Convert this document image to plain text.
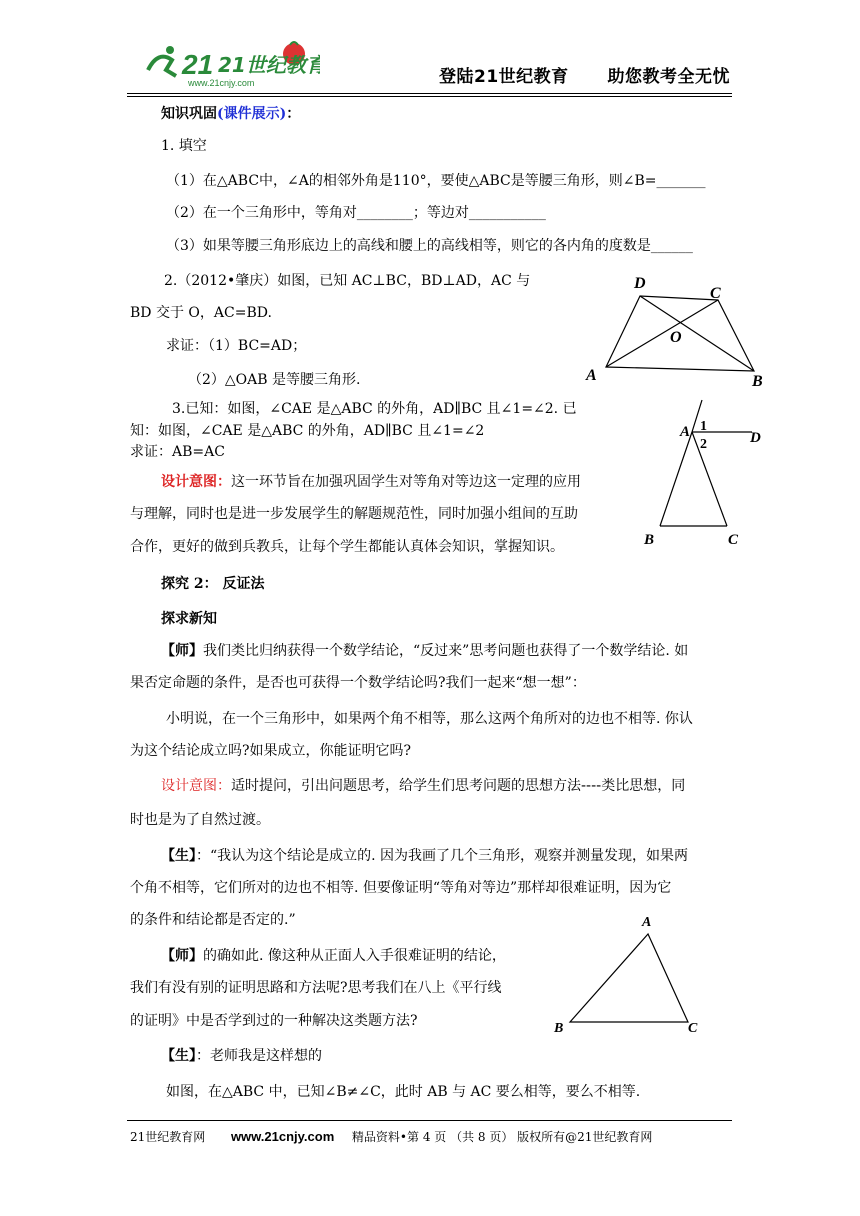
21 21世纪教育
www.21cnjy.com	登陆21世纪教育 助您教考全无忧
知识巩固(课件展示)：
1. 填空
（1）在△ABC中，∠A的相邻外角是110°，要使△ABC是等腰三角形，则∠B=_______
（2）在一个三角形中，等角对________；等边对___________
（3）如果等腰三角形底边上的高线和腰上的高线相等，则它的各内角的度数是______
2.（2012•肇庆）如图，已知 AC⊥BC，BD⊥AD，AC 与
BD 交于 O，AC=BD.
求证：（1）BC=AD；
（2）△OAB 是等腰三角形.
3.已知：如图，∠CAE 是△ABC 的外角，AD∥BC 且∠1=∠2. 已
知：如图，∠CAE 是△ABC 的外角，AD∥BC 且∠1=∠2
求证：AB=AC
设计意图：这一环节旨在加强巩固学生对等角对等边这一定理的应用
与理解，同时也是进一步发展学生的解题规范性，同时加强小组间的互助
合作，更好的做到兵教兵，让每个学生都能认真体会知识，掌握知识。
A	B
C
D
O
A
B	C
D
1
2
探究 2： 反证法
探求新知
【师】我们类比归纳获得一个数学结论，“反过来”思考问题也获得了一个数学结论. 如
果否定命题的条件，是否也可获得一个数学结论吗?我们一起来“想一想”：
小明说，在一个三角形中，如果两个角不相等，那么这两个角所对的边也不相等. 你认
为这个结论成立吗?如果成立，你能证明它吗?
设计意图：适时提问，引出问题思考，给学生们思考问题的思想方法----类比思想，同
时也是为了自然过渡。
【生】：“我认为这个结论是成立的. 因为我画了几个三角形，观察并测量发现，如果两
个角不相等，它们所对的边也不相等. 但要像证明“等角对等边”那样却很难证明，因为它
的条件和结论都是否定的.”
【师】的确如此. 像这种从正面人入手很难证明的结论，
我们有没有别的证明思路和方法呢?思考我们在八上《平行线
的证明》中是否学到过的一种解决这类题方法?
【生】：老师我是这样想的
如图，在△ABC 中，已知∠B≠∠C，此时 AB 与 AC 要么相等，要么不相等.
A
B	C
21世纪教育网 www.21cnjy.com 精品资料•第 4 页 （共 8 页） 版权所有@21世纪教育网
